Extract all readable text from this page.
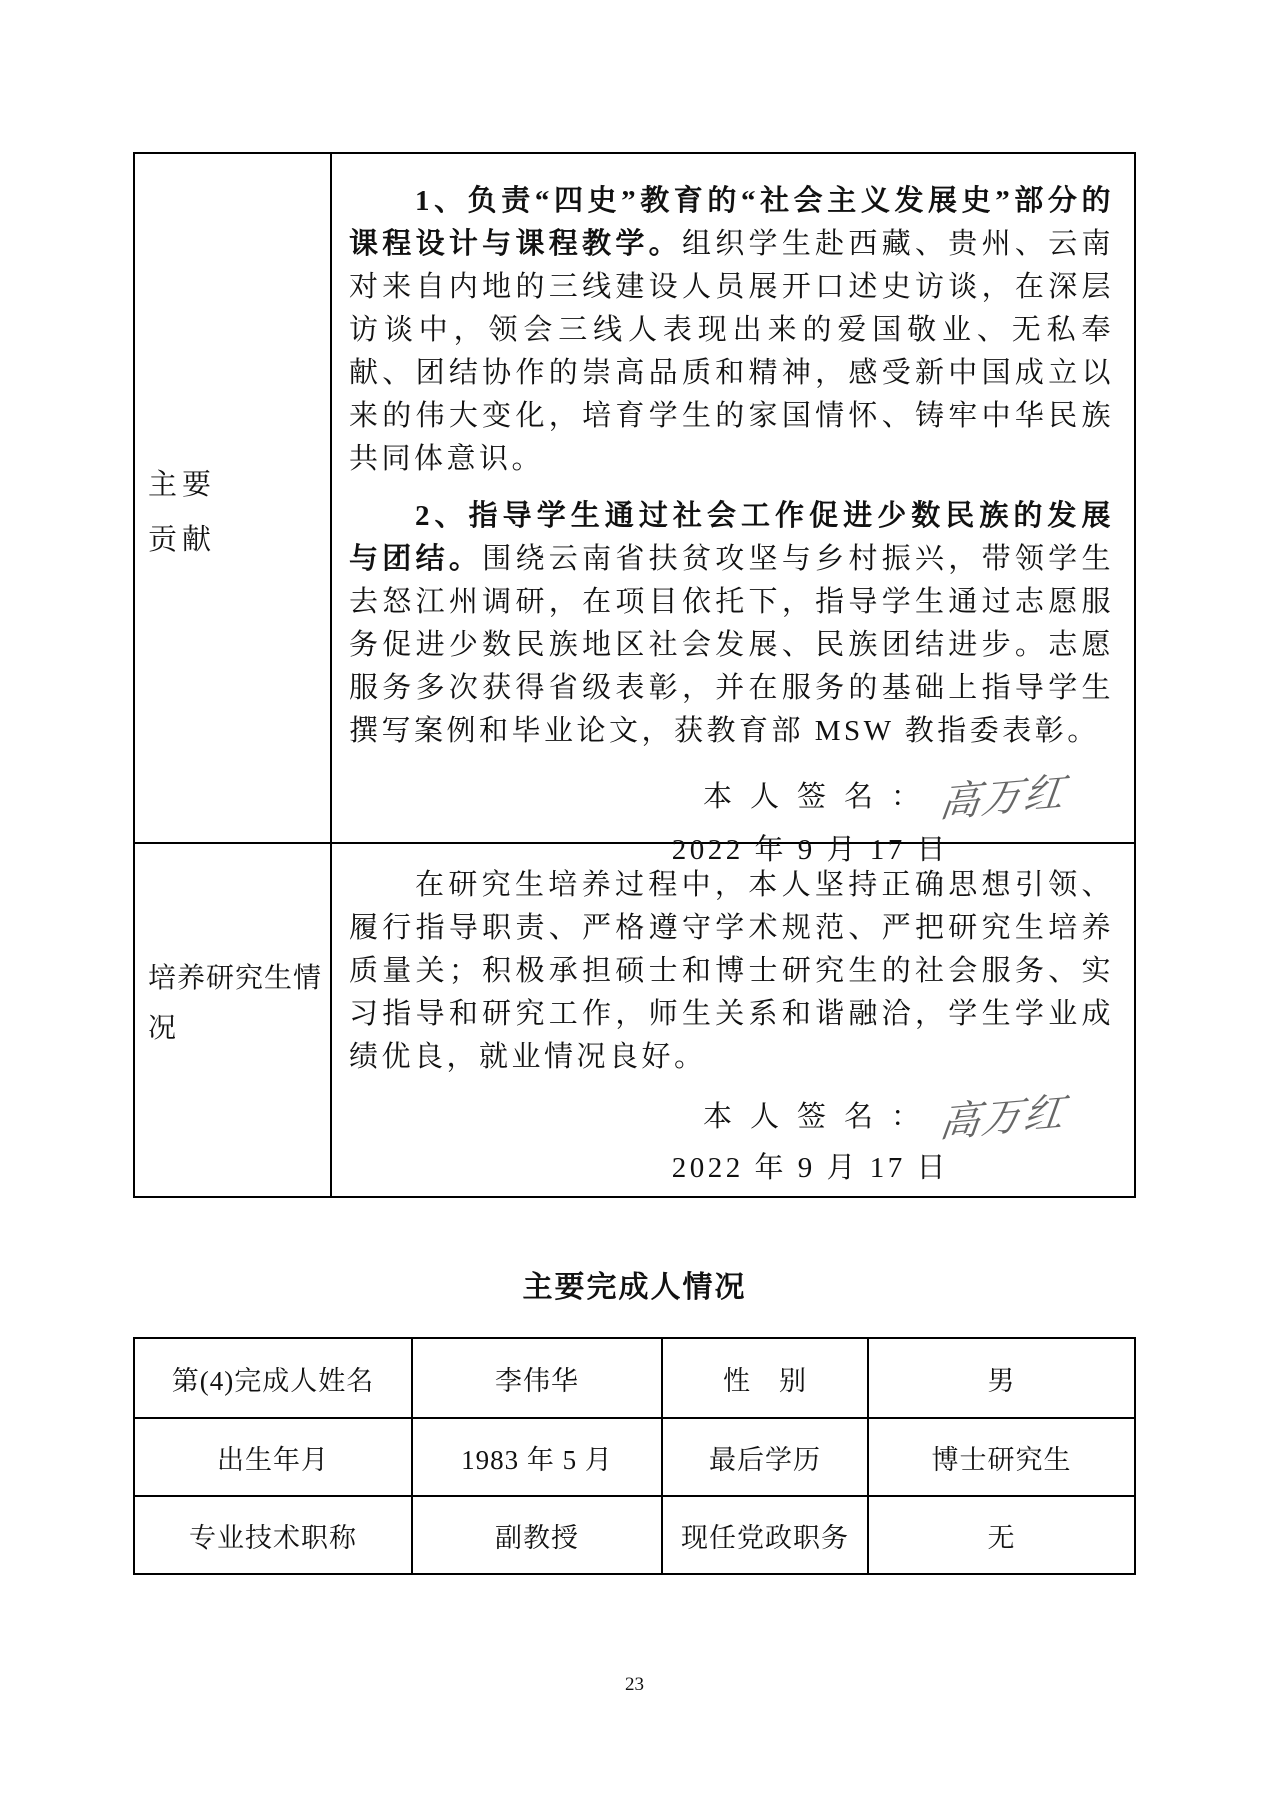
主要
贡献

1、负责“四史”教育的“社会主义发展史”部分的课程设计与课程教学。组织学生赴西藏、贵州、云南对来自内地的三线建设人员展开口述史访谈，在深层访谈中，领会三线人表现出来的爱国敬业、无私奉献、团结协作的崇高品质和精神，感受新中国成立以来的伟大变化，培育学生的家国情怀、铸牢中华民族共同体意识。

2、指导学生通过社会工作促进少数民族的发展与团结。围绕云南省扶贫攻坚与乡村振兴，带领学生去怒江州调研，在项目依托下，指导学生通过志愿服务促进少数民族地区社会发展、民族团结进步。志愿服务多次获得省级表彰，并在服务的基础上指导学生撰写案例和毕业论文，获教育部 MSW 教指委表彰。

本人签名：高万红
2022 年 9 月 17 日
培养研究生情况

在研究生培养过程中，本人坚持正确思想引领、履行指导职责、严格遵守学术规范、严把研究生培养质量关；积极承担硕士和博士研究生的社会服务、实习指导和研究工作，师生关系和谐融洽，学生学业成绩优良，就业情况良好。

本人签名：高万红
2022 年 9 月 17 日
主要完成人情况
第(4)完成人姓名	李伟华	性　别	男
出生年月	1983 年 5 月	最后学历	博士研究生
专业技术职称	副教授	现任党政职务	无
23
